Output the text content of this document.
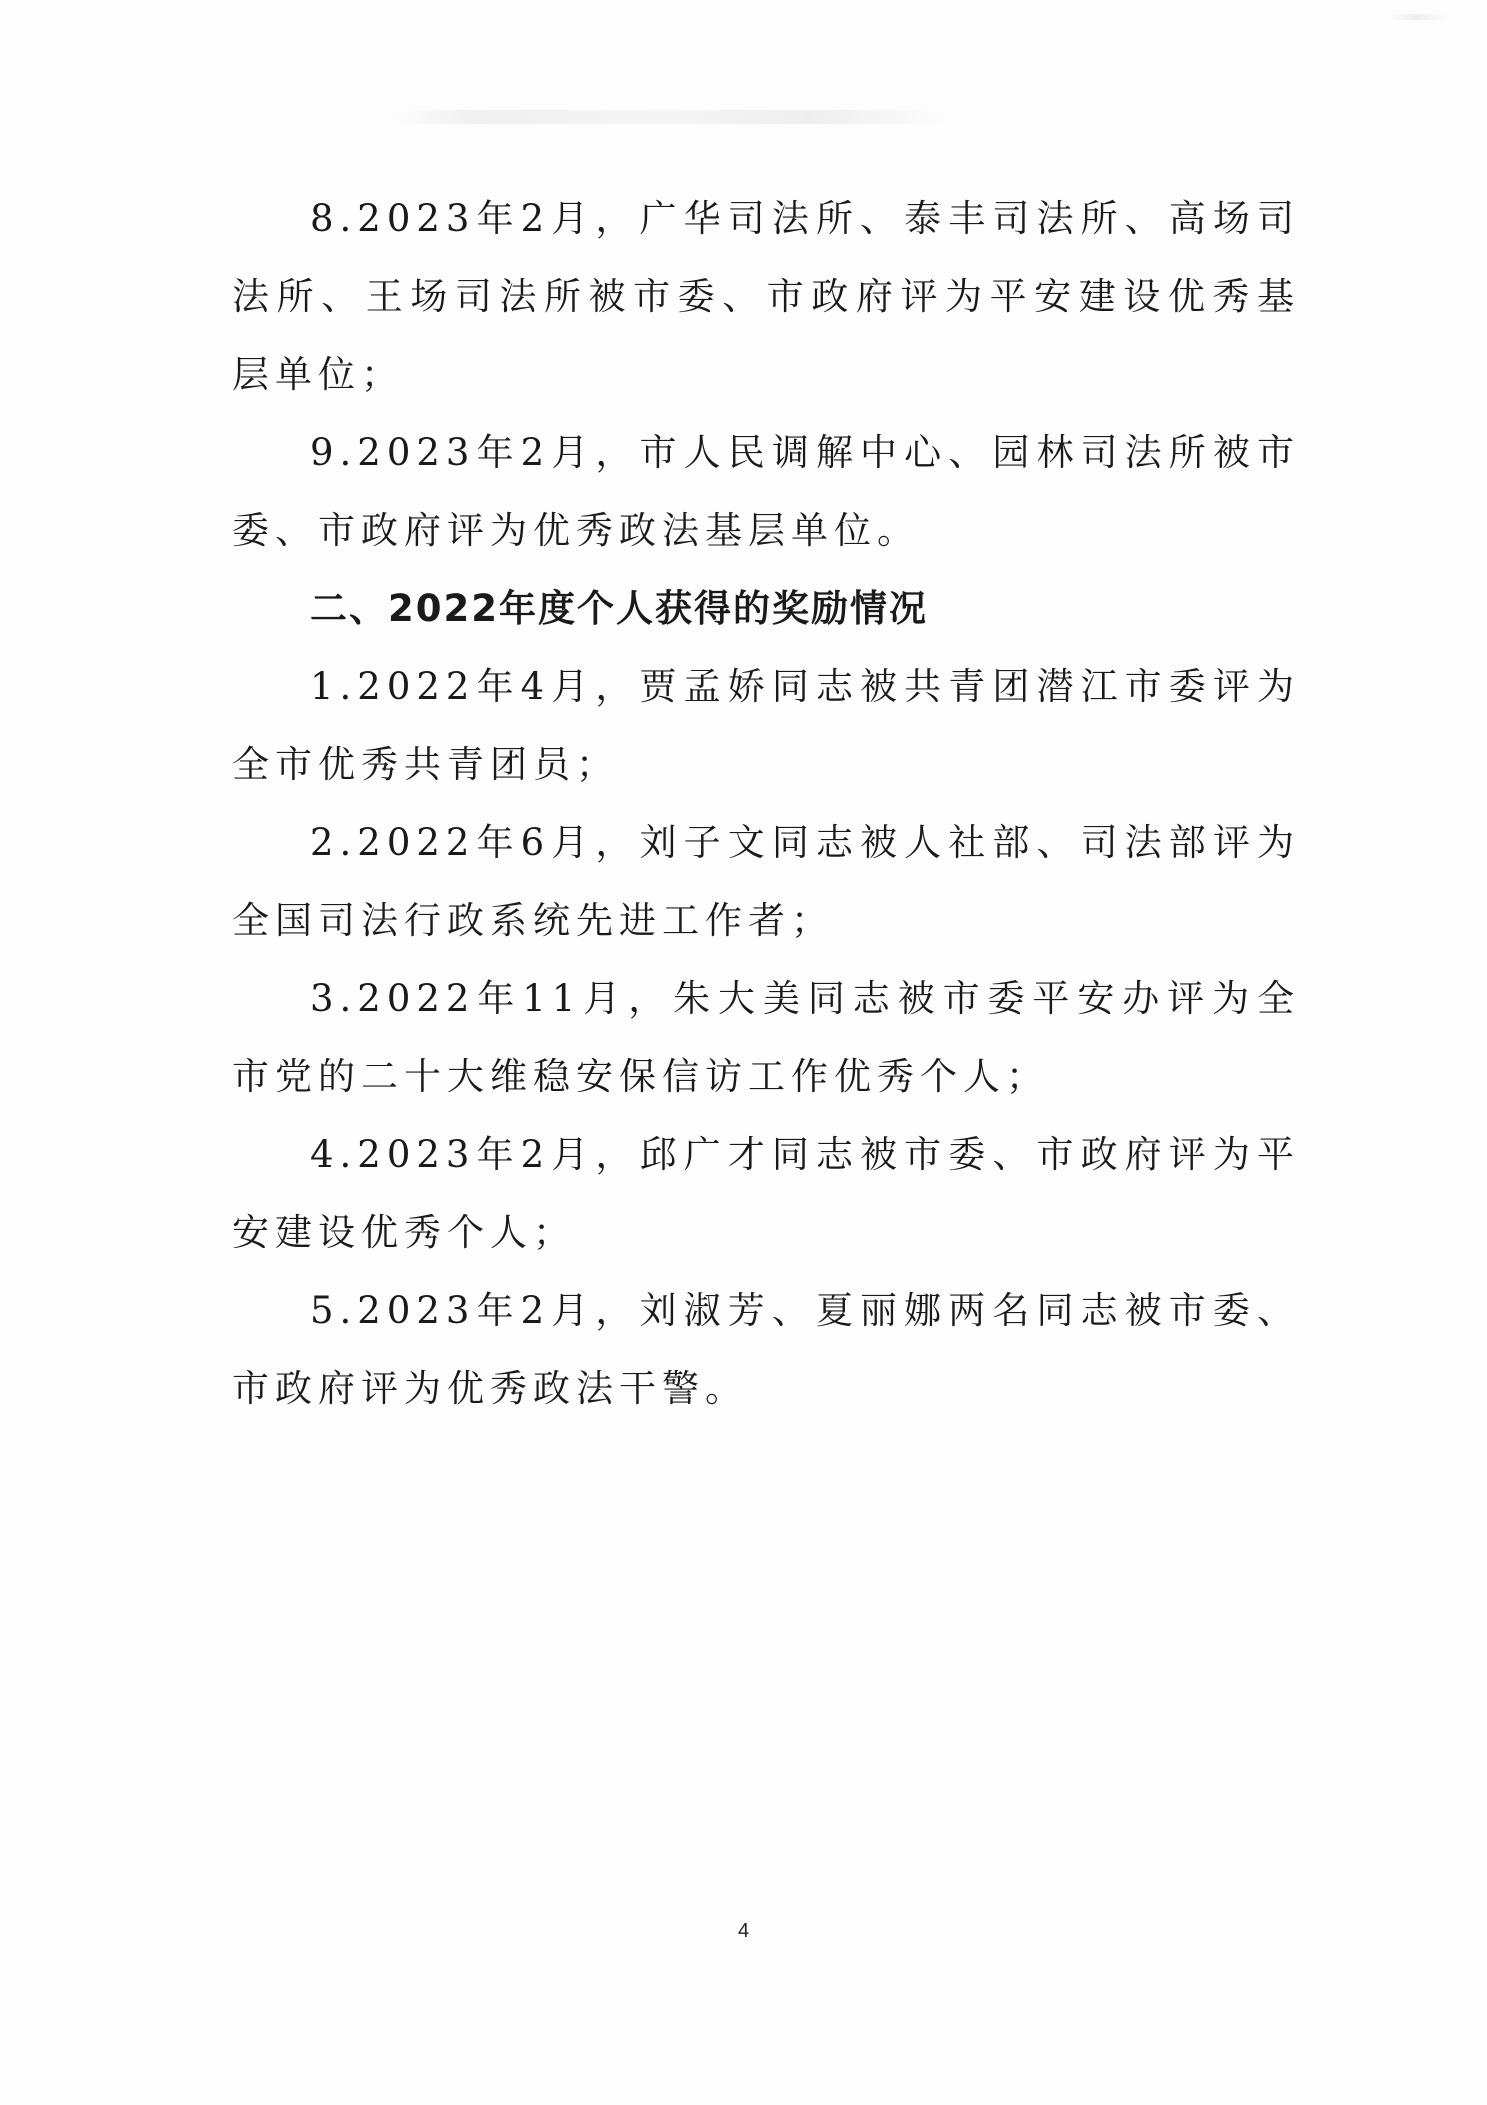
8.2023年2月，广华司法所、泰丰司法所、高场司法所、王场司法所被市委、市政府评为平安建设优秀基层单位；

9.2023年2月，市人民调解中心、园林司法所被市委、市政府评为优秀政法基层单位。

二、2022年度个人获得的奖励情况

1.2022年4月，贾孟娇同志被共青团潜江市委评为全市优秀共青团员；

2.2022年6月，刘子文同志被人社部、司法部评为全国司法行政系统先进工作者；

3.2022年11月，朱大美同志被市委平安办评为全市党的二十大维稳安保信访工作优秀个人；

4.2023年2月，邱广才同志被市委、市政府评为平安建设优秀个人；

5.2023年2月，刘淑芳、夏丽娜两名同志被市委、市政府评为优秀政法干警。

4
